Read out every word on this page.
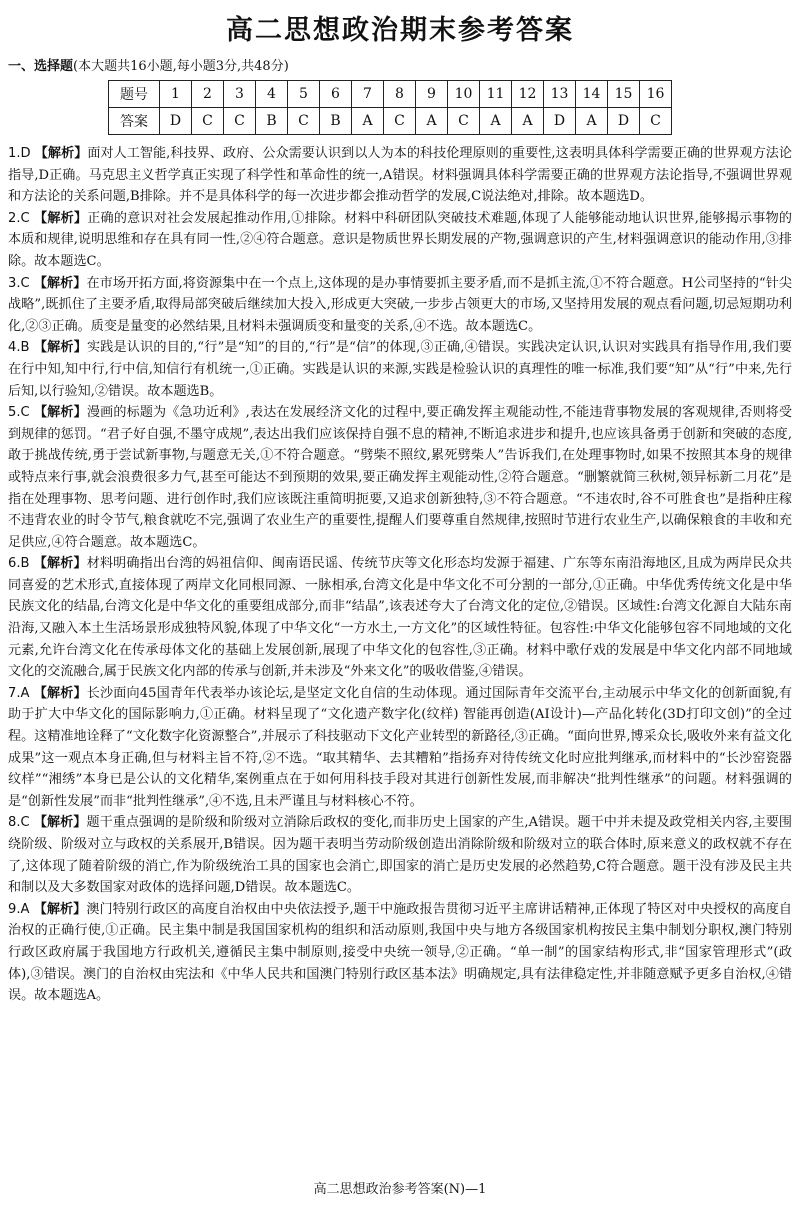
高二思想政治期末参考答案
一、选择题(本大题共16小题,每小题3分,共48分)
题号	1	2	3	4	5	6	7	8	9	10	11	12	13	14	15	16
答案	D	C	C	B	C	B	A	C	A	C	A	A	D	A	D	C

1.D 【解析】面对人工智能,科技界、政府、公众需要认识到以人为本的科技伦理原则的重要性,这表明具体科学需要正确的世界观方法论指导,D正确。马克思主义哲学真正实现了科学性和革命性的统一,A错误。材料强调具体科学需要正确的世界观方法论指导,不强调世界观和方法论的关系问题,B排除。并不是具体科学的每一次进步都会推动哲学的发展,C说法绝对,排除。故本题选D。

2.C 【解析】正确的意识对社会发展起推动作用,①排除。材料中科研团队突破技术难题,体现了人能够能动地认识世界,能够揭示事物的本质和规律,说明思维和存在具有同一性,②④符合题意。意识是物质世界长期发展的产物,强调意识的产生,材料强调意识的能动作用,③排除。故本题选C。

3.C 【解析】在市场开拓方面,将资源集中在一个点上,这体现的是办事情要抓主要矛盾,而不是抓主流,①不符合题意。H公司坚持的“针尖战略”,既抓住了主要矛盾,取得局部突破后继续加大投入,形成更大突破,一步步占领更大的市场,又坚持用发展的观点看问题,切忌短期功利化,②③正确。质变是量变的必然结果,且材料未强调质变和量变的关系,④不选。故本题选C。

4.B 【解析】实践是认识的目的,“行”是“知”的目的,“行”是“信”的体现,③正确,④错误。实践决定认识,认识对实践具有指导作用,我们要在行中知,知中行,行中信,知信行有机统一,①正确。实践是认识的来源,实践是检验认识的真理性的唯一标准,我们要“知”从“行”中来,先行后知,以行验知,②错误。故本题选B。

5.C 【解析】漫画的标题为《急功近利》,表达在发展经济文化的过程中,要正确发挥主观能动性,不能违背事物发展的客观规律,否则将受到规律的惩罚。“君子好自强,不墨守成规”,表达出我们应该保持自强不息的精神,不断追求进步和提升,也应该具备勇于创新和突破的态度,敢于挑战传统,勇于尝试新事物,与题意无关,①不符合题意。“劈柴不照纹,累死劈柴人”告诉我们,在处理事物时,如果不按照其本身的规律或特点来行事,就会浪费很多力气,甚至可能达不到预期的效果,要正确发挥主观能动性,②符合题意。“删繁就简三秋树,领异标新二月花”是指在处理事物、思考问题、进行创作时,我们应该既注重简明扼要,又追求创新独特,③不符合题意。“不违农时,谷不可胜食也”是指种庄稼不违背农业的时令节气,粮食就吃不完,强调了农业生产的重要性,提醒人们要尊重自然规律,按照时节进行农业生产,以确保粮食的丰收和充足供应,④符合题意。故本题选C。

6.B 【解析】材料明确指出台湾的妈祖信仰、闽南语民谣、传统节庆等文化形态均发源于福建、广东等东南沿海地区,且成为两岸民众共同喜爱的艺术形式,直接体现了两岸文化同根同源、一脉相承,台湾文化是中华文化不可分割的一部分,①正确。中华优秀传统文化是中华民族文化的结晶,台湾文化是中华文化的重要组成部分,而非“结晶”,该表述夸大了台湾文化的定位,②错误。区域性:台湾文化源自大陆东南沿海,又融入本土生活场景形成独特风貌,体现了中华文化“一方水土,一方文化”的区域性特征。包容性:中华文化能够包容不同地域的文化元素,允许台湾文化在传承母体文化的基础上发展创新,展现了中华文化的包容性,③正确。材料中歌仔戏的发展是中华文化内部不同地域文化的交流融合,属于民族文化内部的传承与创新,并未涉及“外来文化”的吸收借鉴,④错误。

7.A 【解析】长沙面向45国青年代表举办该论坛,是坚定文化自信的生动体现。通过国际青年交流平台,主动展示中华文化的创新面貌,有助于扩大中华文化的国际影响力,①正确。材料呈现了“文化遗产数字化(纹样) 智能再创造(AI设计)—产品化转化(3D打印文创)”的全过程。这精准地诠释了“文化数字化资源整合”,并展示了科技驱动下文化产业转型的新路径,③正确。“面向世界,博采众长,吸收外来有益文化成果”这一观点本身正确,但与材料主旨不符,②不选。“取其精华、去其糟粕”指扬弃对待传统文化时应批判继承,而材料中的“长沙窑瓷器纹样”“湘绣”本身已是公认的文化精华,案例重点在于如何用科技手段对其进行创新性发展,而非解决“批判性继承”的问题。材料强调的是“创新性发展”而非“批判性继承”,④不选,且未严谨且与材料核心不符。

8.C 【解析】题干重点强调的是阶级和阶级对立消除后政权的变化,而非历史上国家的产生,A错误。题干中并未提及政党相关内容,主要围绕阶级、阶级对立与政权的关系展开,B错误。因为题干表明当劳动阶级创造出消除阶级和阶级对立的联合体时,原来意义的政权就不存在了,这体现了随着阶级的消亡,作为阶级统治工具的国家也会消亡,即国家的消亡是历史发展的必然趋势,C符合题意。题干没有涉及民主共和制以及大多数国家对政体的选择问题,D错误。故本题选C。

9.A 【解析】澳门特别行政区的高度自治权由中央依法授予,题干中施政报告贯彻习近平主席讲话精神,正体现了特区对中央授权的高度自治权的正确行使,①正确。民主集中制是我国国家机构的组织和活动原则,我国中央与地方各级国家机构按民主集中制划分职权,澳门特别行政区政府属于我国地方行政机关,遵循民主集中制原则,接受中央统一领导,②正确。“单一制”的国家结构形式,非“国家管理形式”(政体),③错误。澳门的自治权由宪法和《中华人民共和国澳门特别行政区基本法》明确规定,具有法律稳定性,并非随意赋予更多自治权,④错误。故本题选A。

高二思想政治参考答案(N)—1
